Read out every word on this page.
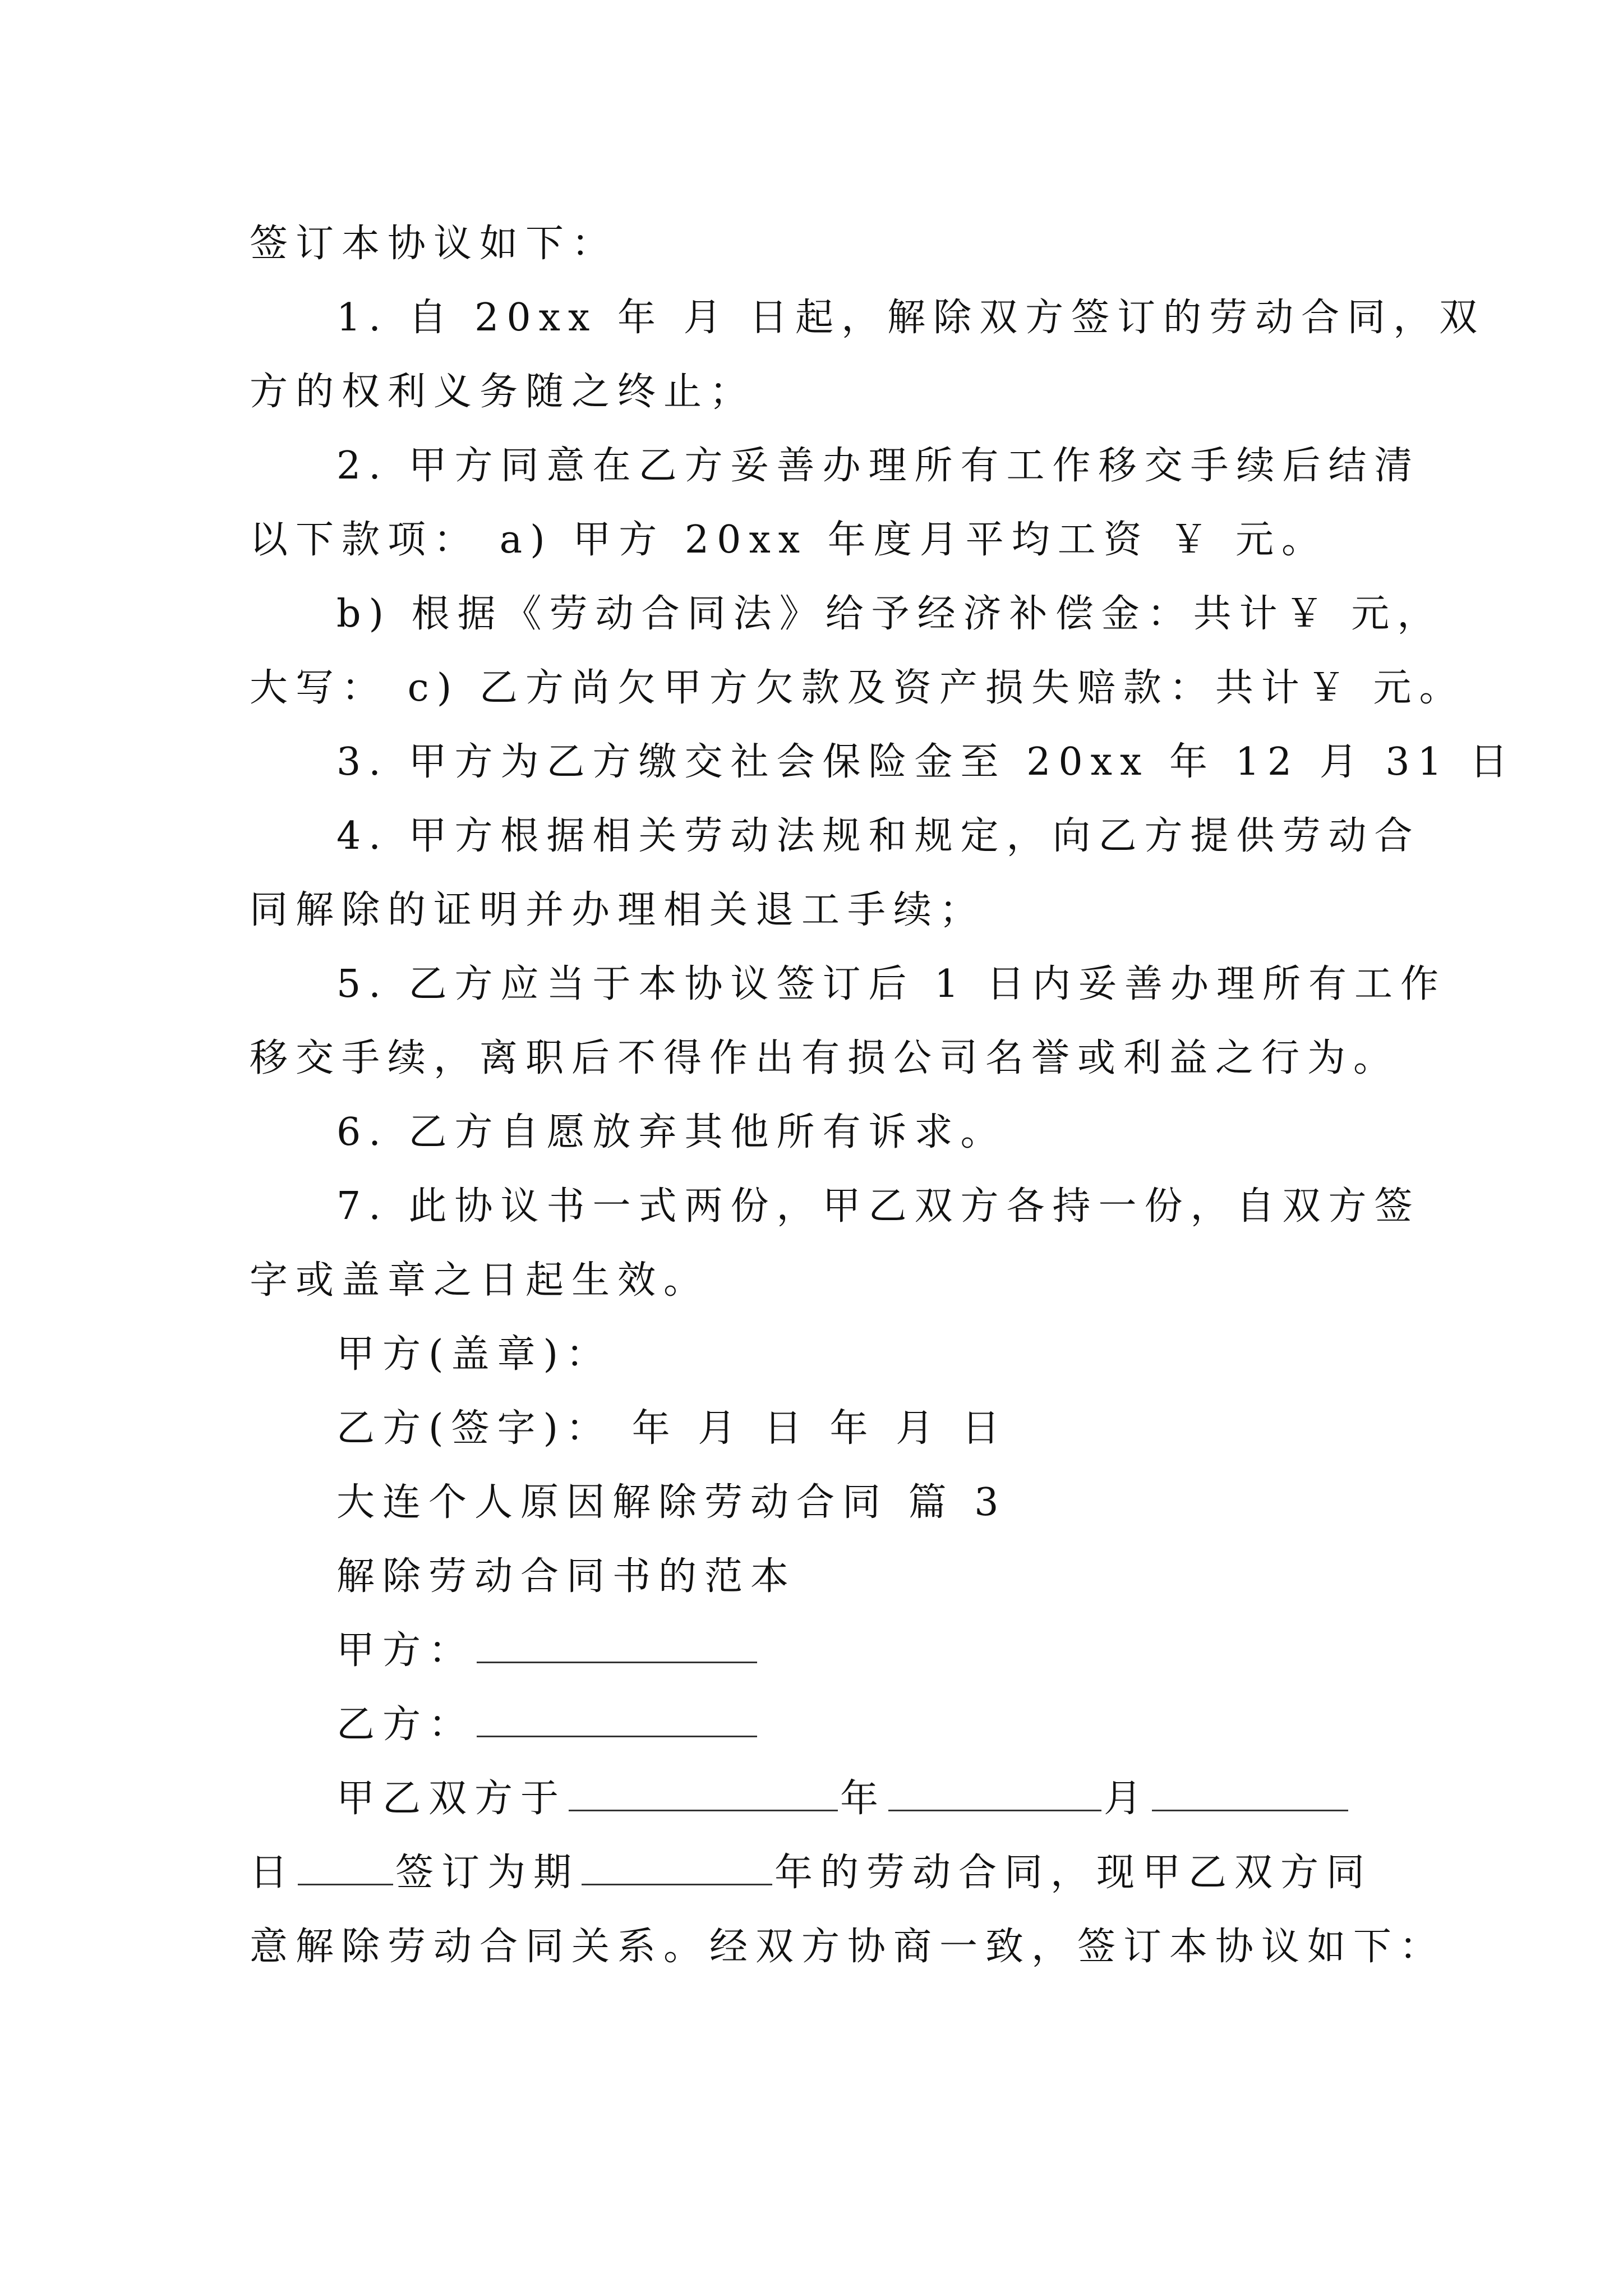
签订本协议如下：
1. 自 20xx 年 月 日起，解除双方签订的劳动合同，双
方的权利义务随之终止；
2. 甲方同意在乙方妥善办理所有工作移交手续后结清
以下款项： a) 甲方 20xx 年度月平均工资 ￥ 元。
b) 根据《劳动合同法》给予经济补偿金：共计￥ 元，
大写： c) 乙方尚欠甲方欠款及资产损失赔款：共计￥ 元。
3. 甲方为乙方缴交社会保险金至 20xx 年 12 月 31 日
4. 甲方根据相关劳动法规和规定，向乙方提供劳动合
同解除的证明并办理相关退工手续；
5. 乙方应当于本协议签订后 1 日内妥善办理所有工作
移交手续，离职后不得作出有损公司名誉或利益之行为。
6. 乙方自愿放弃其他所有诉求。
7. 此协议书一式两份，甲乙双方各持一份，自双方签
字或盖章之日起生效。
甲方(盖章)：
乙方(签字)： 年 月 日 年 月 日
大连个人原因解除劳动合同 篇 3
解除劳动合同书的范本
甲方：
乙方：
甲乙双方于	年	月
日	签订为期	年的劳动合同，现甲乙双方同
意解除劳动合同关系。经双方协商一致，签订本协议如下：
